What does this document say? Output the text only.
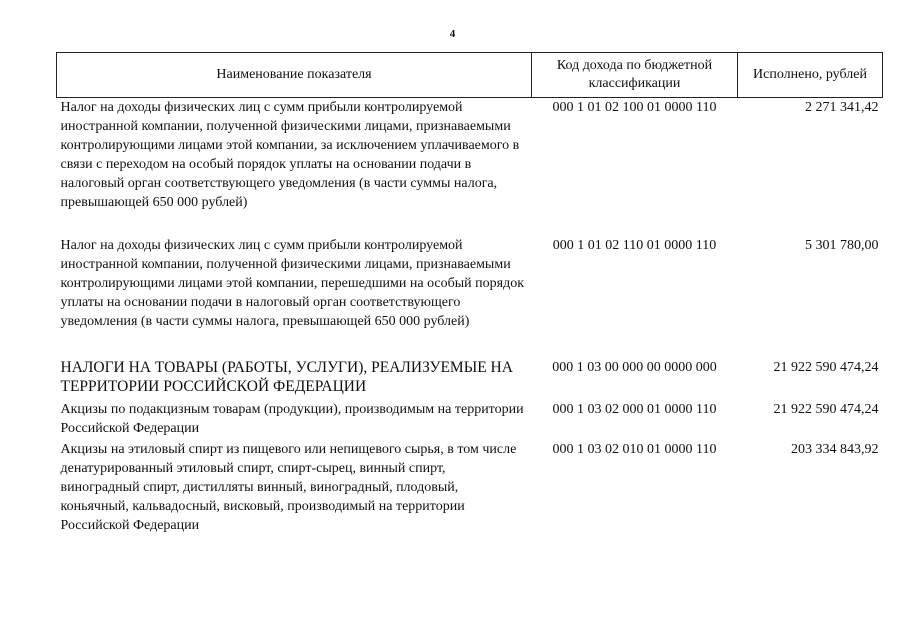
4
Наименование показателя	Код дохода по бюджетной классификации	Исполнено, рублей
Налог на доходы физических лиц с сумм прибыли контролируемой иностранной компании, полученной физическими лицами, признаваемыми контролирующими лицами этой компании, за исключением уплачиваемого в связи с переходом на особый порядок уплаты на основании подачи в налоговый орган соответствующего уведомления (в части суммы налога, превышающей 650 000 рублей)	000 1 01 02 100 01 0000 110	2 271 341,42
Налог на доходы физических лиц с сумм прибыли контролируемой иностранной компании, полученной физическими лицами, признаваемыми контролирующими лицами этой компании, перешедшими на особый порядок уплаты на основании подачи в налоговый орган соответствующего уведомления (в части суммы налога, превышающей 650 000 рублей)	000 1 01 02 110 01 0000 110	5 301 780,00
НАЛОГИ НА ТОВАРЫ (РАБОТЫ, УСЛУГИ), РЕАЛИЗУЕМЫЕ НА ТЕРРИТОРИИ РОССИЙСКОЙ ФЕДЕРАЦИИ	000 1 03 00 000 00 0000 000	21 922 590 474,24
Акцизы по подакцизным товарам (продукции), производимым на территории Российской Федерации	000 1 03 02 000 01 0000 110	21 922 590 474,24
Акцизы на этиловый спирт из пищевого или непищевого сырья, в том числе денатурированный этиловый спирт, спирт-сырец, винный спирт, виноградный спирт, дистилляты винный, виноградный, плодовый, коньячный, кальвадосный, висковый, производимый на территории Российской Федерации	000 1 03 02 010 01 0000 110	203 334 843,92
